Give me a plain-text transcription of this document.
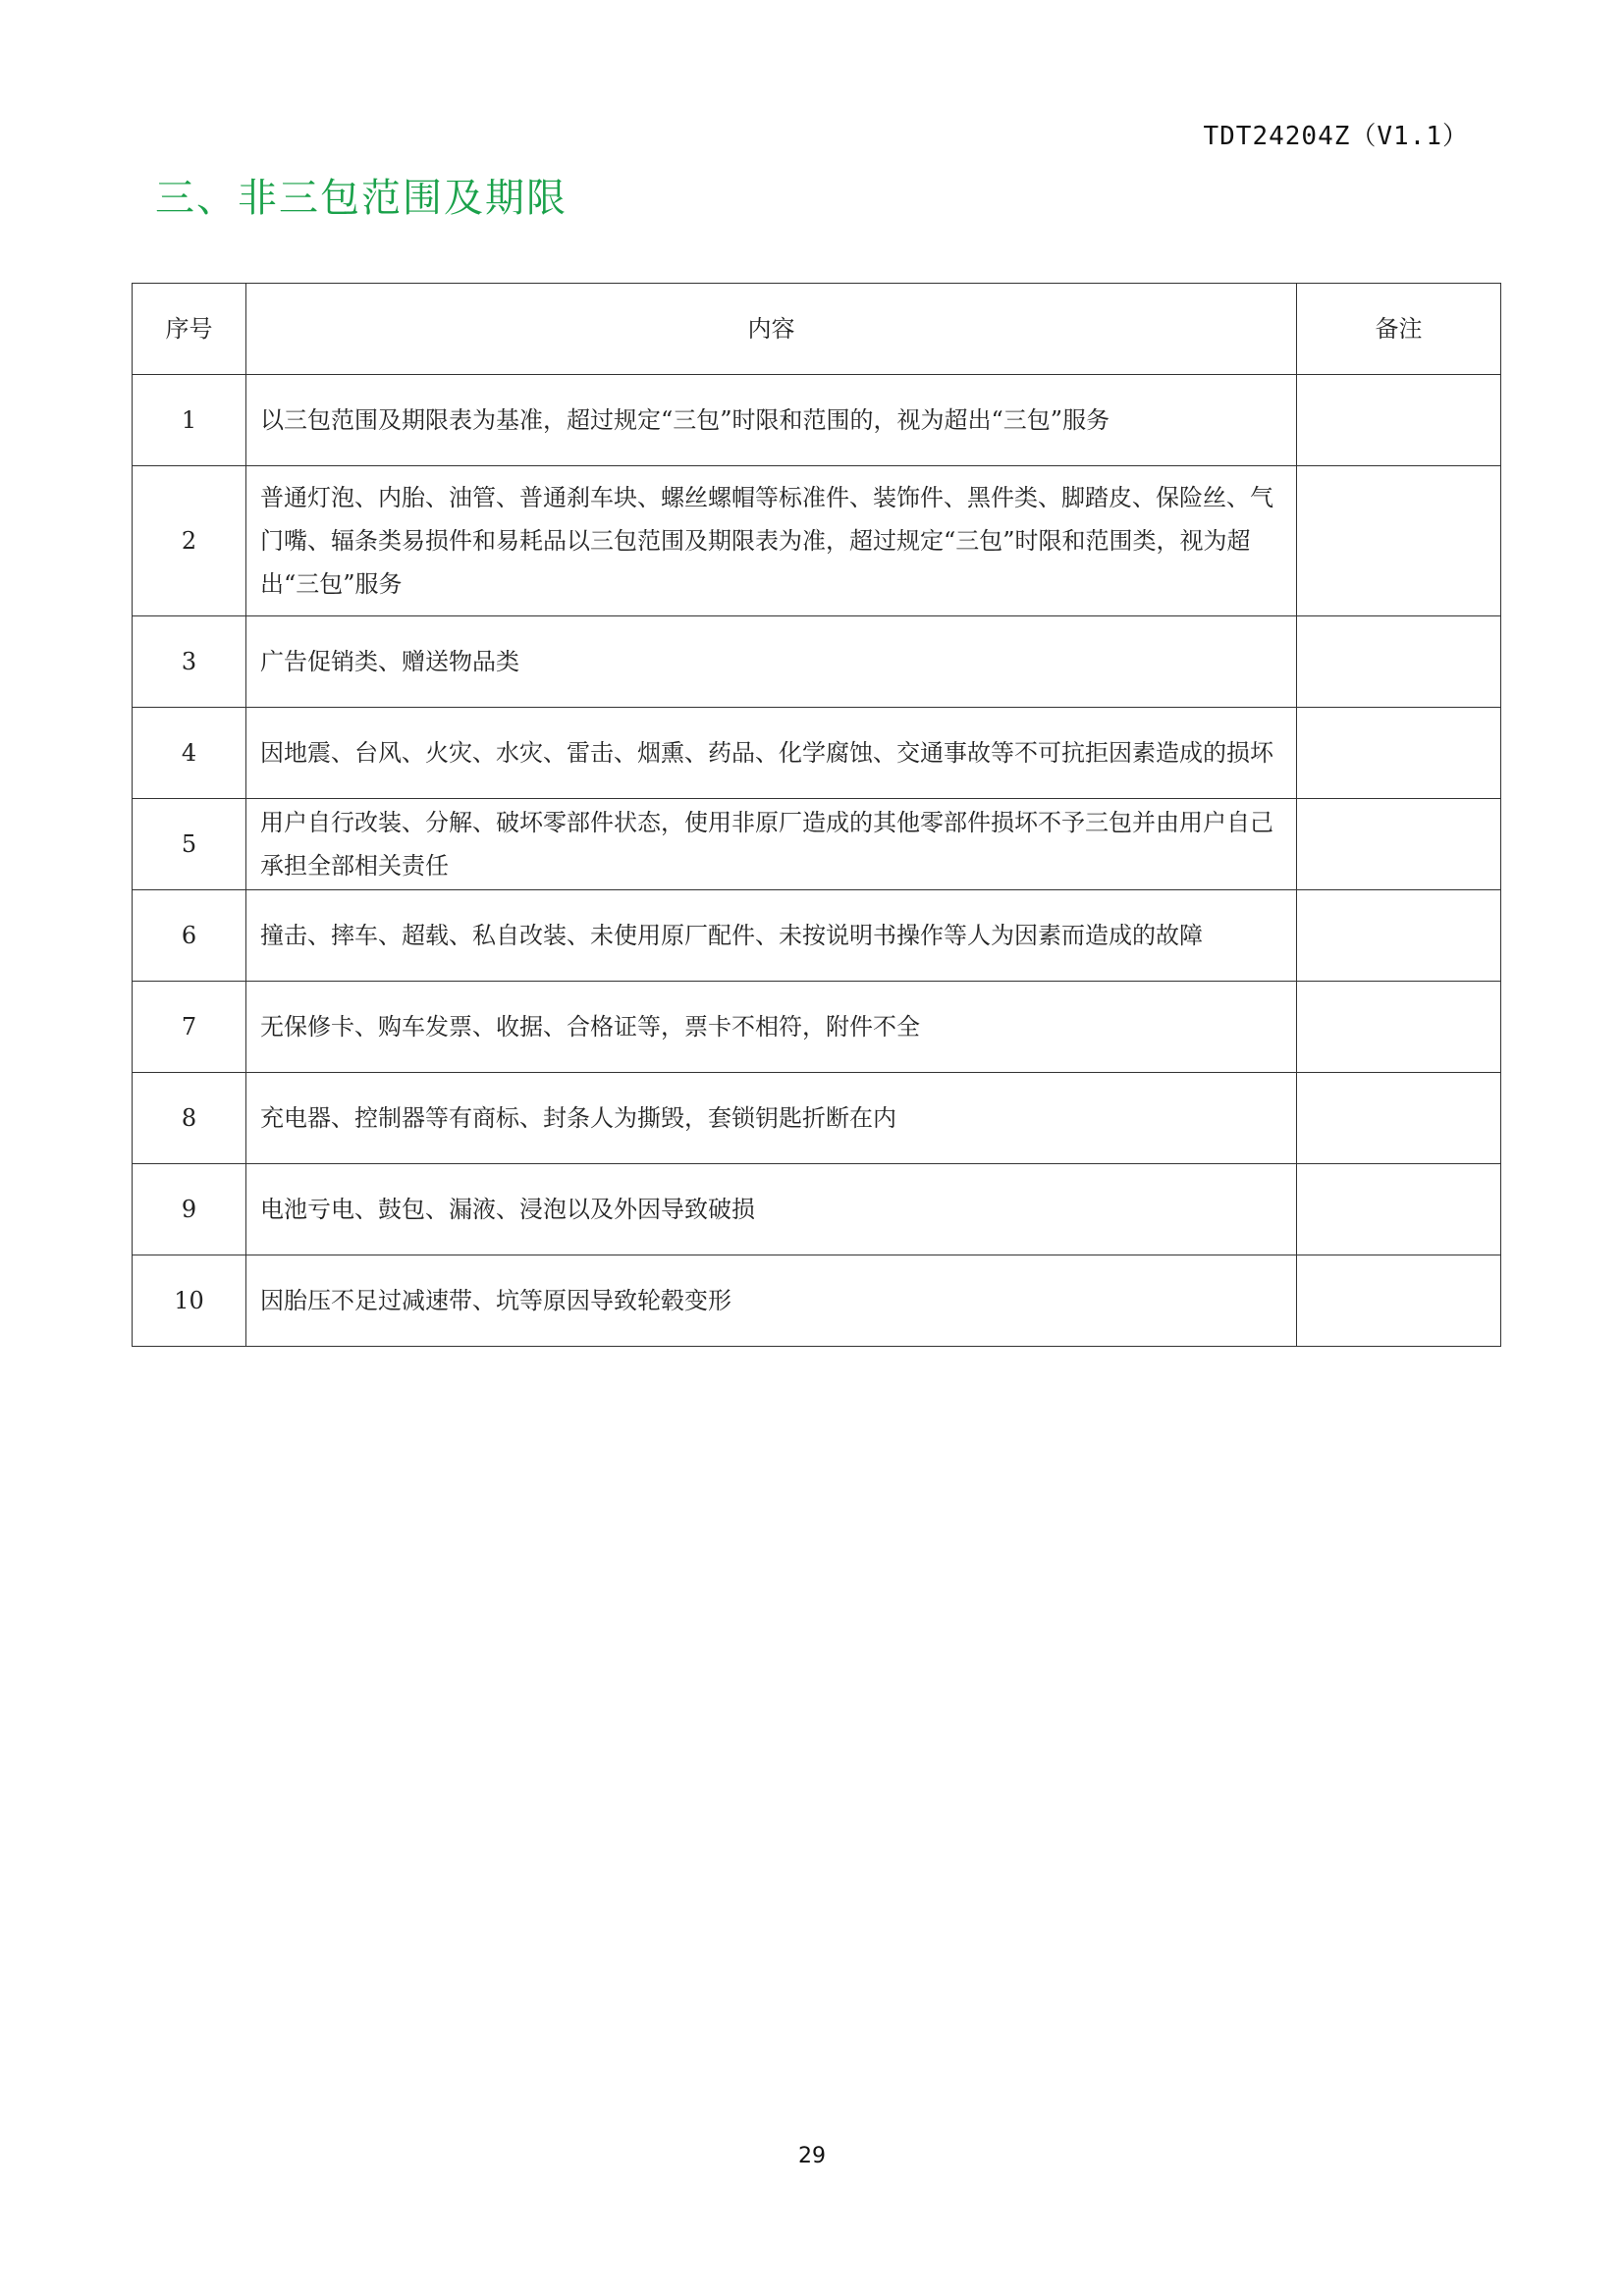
TDT24204Z（V1.1）
三、非三包范围及期限
序号	内容	备注
1	以三包范围及期限表为基准，超过规定“三包”时限和范围的，视为超出“三包”服务	
2	普通灯泡、内胎、油管、普通刹车块、螺丝螺帽等标准件、装饰件、黑件类、脚踏皮、保险丝、气门嘴、辐条类易损件和易耗品以三包范围及期限表为准，超过规定“三包”时限和范围类，视为超出“三包”服务	
3	广告促销类、赠送物品类	
4	因地震、台风、火灾、水灾、雷击、烟熏、药品、化学腐蚀、交通事故等不可抗拒因素造成的损坏	
5	用户自行改装、分解、破坏零部件状态，使用非原厂造成的其他零部件损坏不予三包并由用户自己承担全部相关责任	
6	撞击、摔车、超载、私自改装、未使用原厂配件、未按说明书操作等人为因素而造成的故障	
7	无保修卡、购车发票、收据、合格证等，票卡不相符，附件不全	
8	充电器、控制器等有商标、封条人为撕毁，套锁钥匙折断在内	
9	电池亏电、鼓包、漏液、浸泡以及外因导致破损	
10	因胎压不足过减速带、坑等原因导致轮毂变形	
29
